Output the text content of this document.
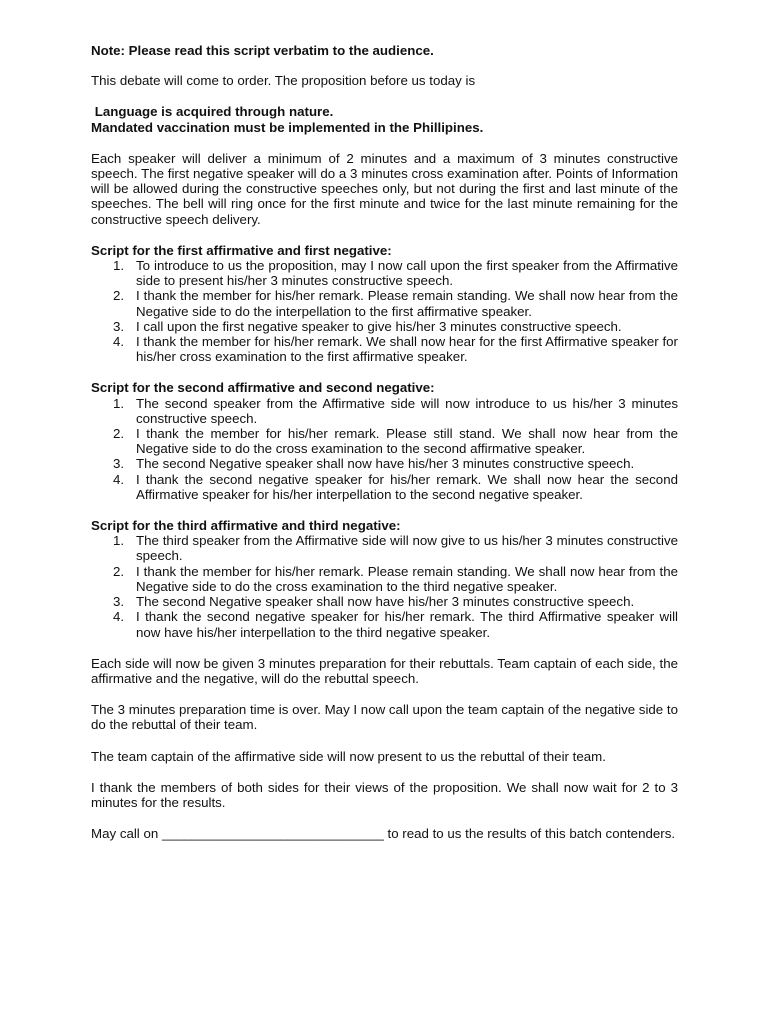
Note: Please read this script verbatim to the audience.

This debate will come to order. The proposition before us today is

Language is acquired through nature.

Mandated vaccination must be implemented in the Phillipines.

Each speaker will deliver a minimum of 2 minutes and a maximum of 3 minutes constructive speech. The first negative speaker will do a 3 minutes cross examination after. Points of Information will be allowed during the constructive speeches only, but not during the first and last minute of the speeches. The bell will ring once for the first minute and twice for the last minute remaining for the constructive speech delivery.

Script for the first affirmative and first negative:

1. To introduce to us the proposition, may I now call upon the first speaker from the Affirmative side to present his/her 3 minutes constructive speech.
2. I thank the member for his/her remark. Please remain standing. We shall now hear from the Negative side to do the interpellation to the first affirmative speaker.
3. I call upon the first negative speaker to give his/her 3 minutes constructive speech.
4. I thank the member for his/her remark. We shall now hear for the first Affirmative speaker for his/her cross examination to the first affirmative speaker.

Script for the second affirmative and second negative:

1. The second speaker from the Affirmative side will now introduce to us his/her 3 minutes constructive speech.
2. I thank the member for his/her remark. Please still stand. We shall now hear from the Negative side to do the cross examination to the second affirmative speaker.
3. The second Negative speaker shall now have his/her 3 minutes constructive speech.
4. I thank the second negative speaker for his/her remark. We shall now hear the second Affirmative speaker for his/her interpellation to the second negative speaker.

Script for the third affirmative and third negative:

1. The third speaker from the Affirmative side will now give to us his/her 3 minutes constructive speech.
2. I thank the member for his/her remark. Please remain standing. We shall now hear from the Negative side to do the cross examination to the third negative speaker.
3. The second Negative speaker shall now have his/her 3 minutes constructive speech.
4. I thank the second negative speaker for his/her remark. The third Affirmative speaker will now have his/her interpellation to the third negative speaker.

Each side will now be given 3 minutes preparation for their rebuttals. Team captain of each side, the affirmative and the negative, will do the rebuttal speech.

The 3 minutes preparation time is over. May I now call upon the team captain of the negative side to do the rebuttal of their team.

The team captain of the affirmative side will now present to us the rebuttal of their team.

I thank the members of both sides for their views of the proposition. We shall now wait for 2 to 3 minutes for the results.

May call on ______________________________ to read to us the results of this batch contenders.
